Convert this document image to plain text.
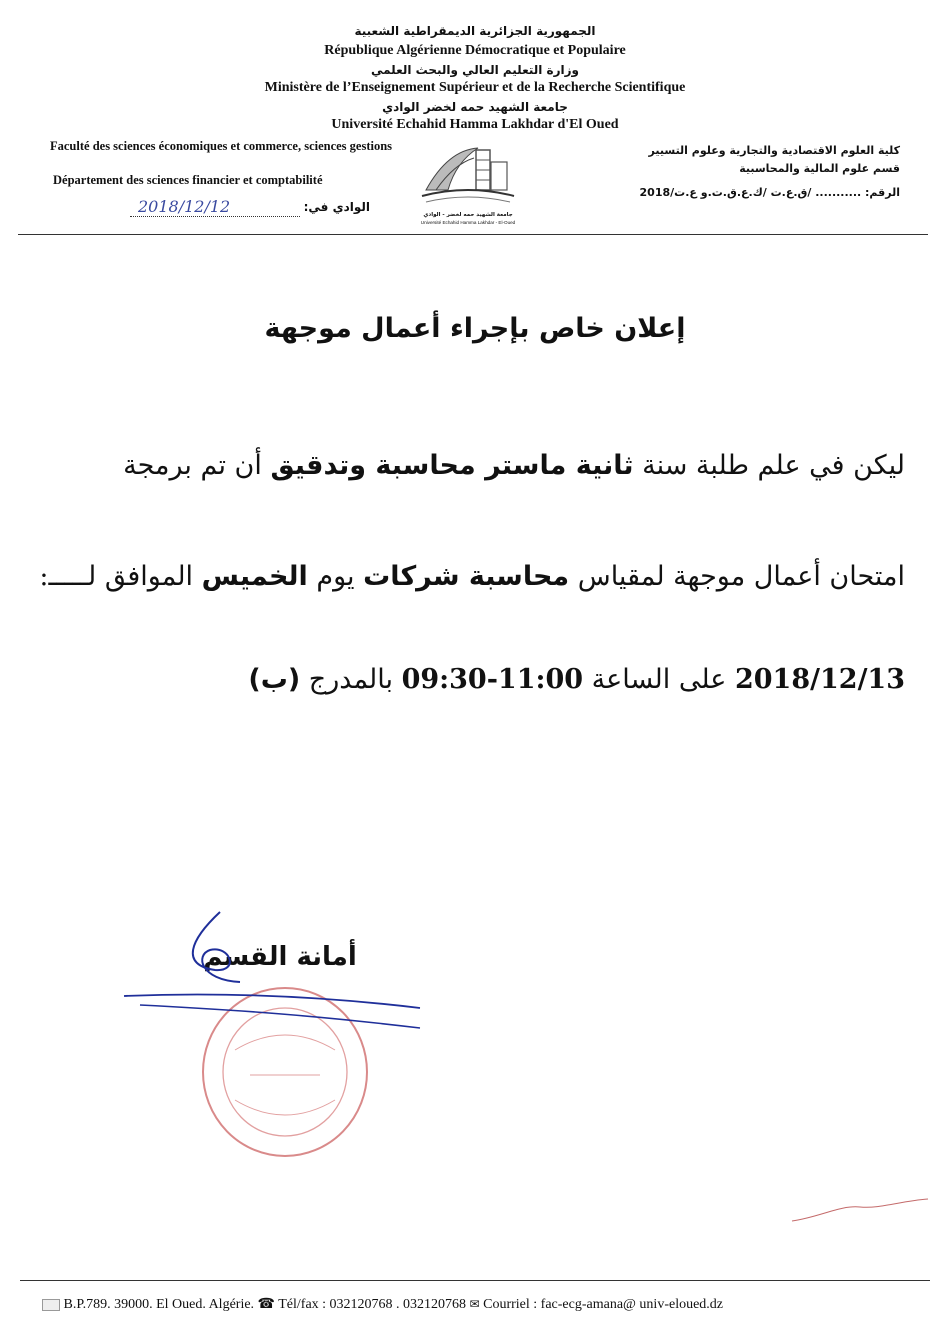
الجمهورية الجزائرية الديمقراطية الشعبية
République Algérienne Démocratique et Populaire
وزارة التعليم العالي والبحث العلمي
Ministère de l’Enseignement Supérieur et de la Recherche Scientifique
جامعة الشهيد حمه لخضر الوادي
Université Echahid Hamma Lakhdar d'El Oued
Faculté des sciences économiques et commerce, sciences gestions
Département des sciences financier et comptabilité
2018/12/12	الوادي في:
جامعة الشهيد حمه لخضر - الوادي
Université Echahid Hamma Lakhdar - El-Oued
كلية العلوم الاقتصادية والتجارية وعلوم التسيير
قسم علوم المالية والمحاسبية
الرقم: ........... /ق.ع.ت /ك.ع.ق.ت.و ع.ت/2018
إعلان خاص بإجراء أعمال موجهة
ليكن في علم طلبة سنة ثانية ماستر محاسبة وتدقيق أن تم برمجة
امتحان أعمال موجهة لمقياس محاسبة شركات يوم الخميس الموافق لـــــ:
2018/12/13 على الساعة 09:30-11:00 بالمدرج (ب)
أمانة القسم
B.P.789. 39000. El Oued. Algérie. ☎ Tél/fax : 032120768 . 032120768 ✉ Courriel : fac-ecg-amana@ univ-eloued.dz
